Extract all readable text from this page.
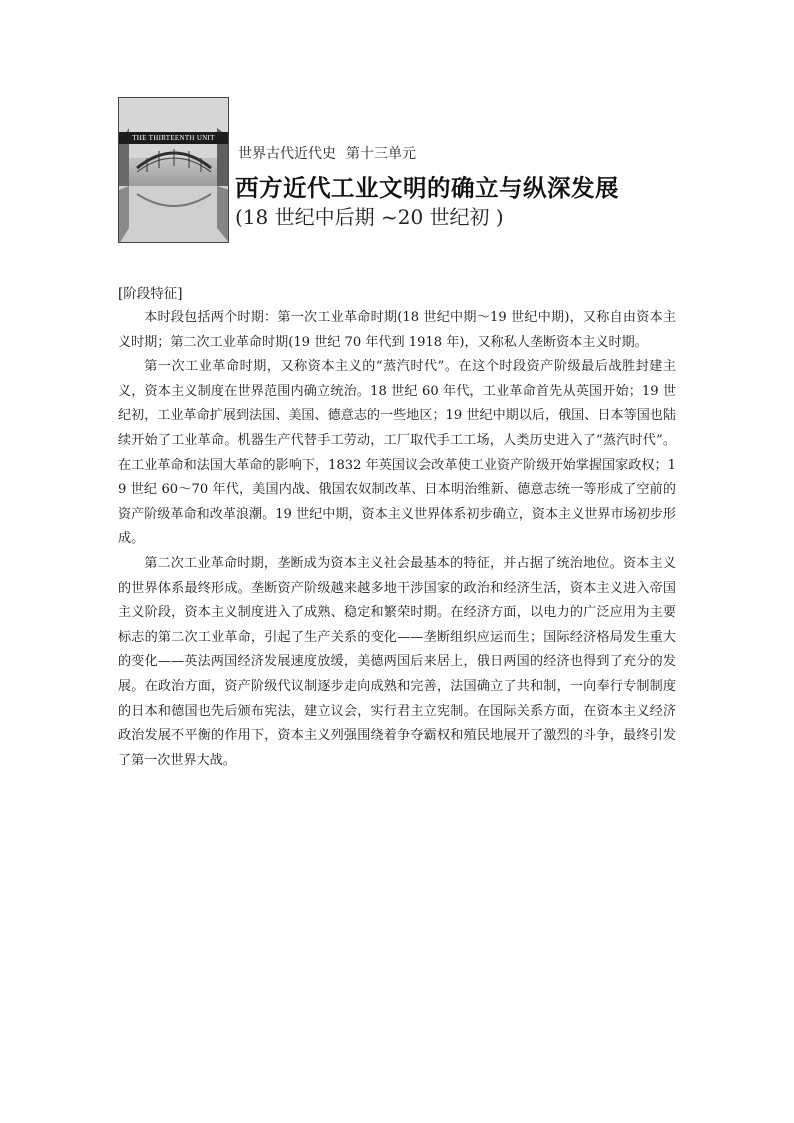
THE THIRTEENTH UNIT
世界古代近代史 第十三单元
西方近代工业文明的确立与纵深发展
(18 世纪中后期 ~20 世纪初 )
[阶段特征]

本时段包括两个时期：第一次工业革命时期(18 世纪中期～19 世纪中期)，又称自由资本主义时期；第二次工业革命时期(19 世纪 70 年代到 1918 年)，又称私人垄断资本主义时期。

第一次工业革命时期，又称资本主义的“蒸汽时代”。在这个时段资产阶级最后战胜封建主义，资本主义制度在世界范围内确立统治。18 世纪 60 年代，工业革命首先从英国开始；19 世纪初，工业革命扩展到法国、美国、德意志的一些地区；19 世纪中期以后，俄国、日本等国也陆续开始了工业革命。机器生产代替手工劳动，工厂取代手工工场，人类历史进入了“蒸汽时代”。在工业革命和法国大革命的影响下，1832 年英国议会改革使工业资产阶级开始掌握国家政权；19 世纪 60～70 年代，美国内战、俄国农奴制改革、日本明治维新、德意志统一等形成了空前的资产阶级革命和改革浪潮。19 世纪中期，资本主义世界体系初步确立，资本主义世界市场初步形成。

第二次工业革命时期，垄断成为资本主义社会最基本的特征，并占据了统治地位。资本主义的世界体系最终形成。垄断资产阶级越来越多地干涉国家的政治和经济生活，资本主义进入帝国主义阶段，资本主义制度进入了成熟、稳定和繁荣时期。在经济方面，以电力的广泛应用为主要标志的第二次工业革命，引起了生产关系的变化——垄断组织应运而生；国际经济格局发生重大的变化——英法两国经济发展速度放缓，美德两国后来居上，俄日两国的经济也得到了充分的发展。在政治方面，资产阶级代议制逐步走向成熟和完善，法国确立了共和制，一向奉行专制制度的日本和德国也先后颁布宪法，建立议会，实行君主立宪制。在国际关系方面，在资本主义经济政治发展不平衡的作用下，资本主义列强围绕着争夺霸权和殖民地展开了激烈的斗争，最终引发了第一次世界大战。
